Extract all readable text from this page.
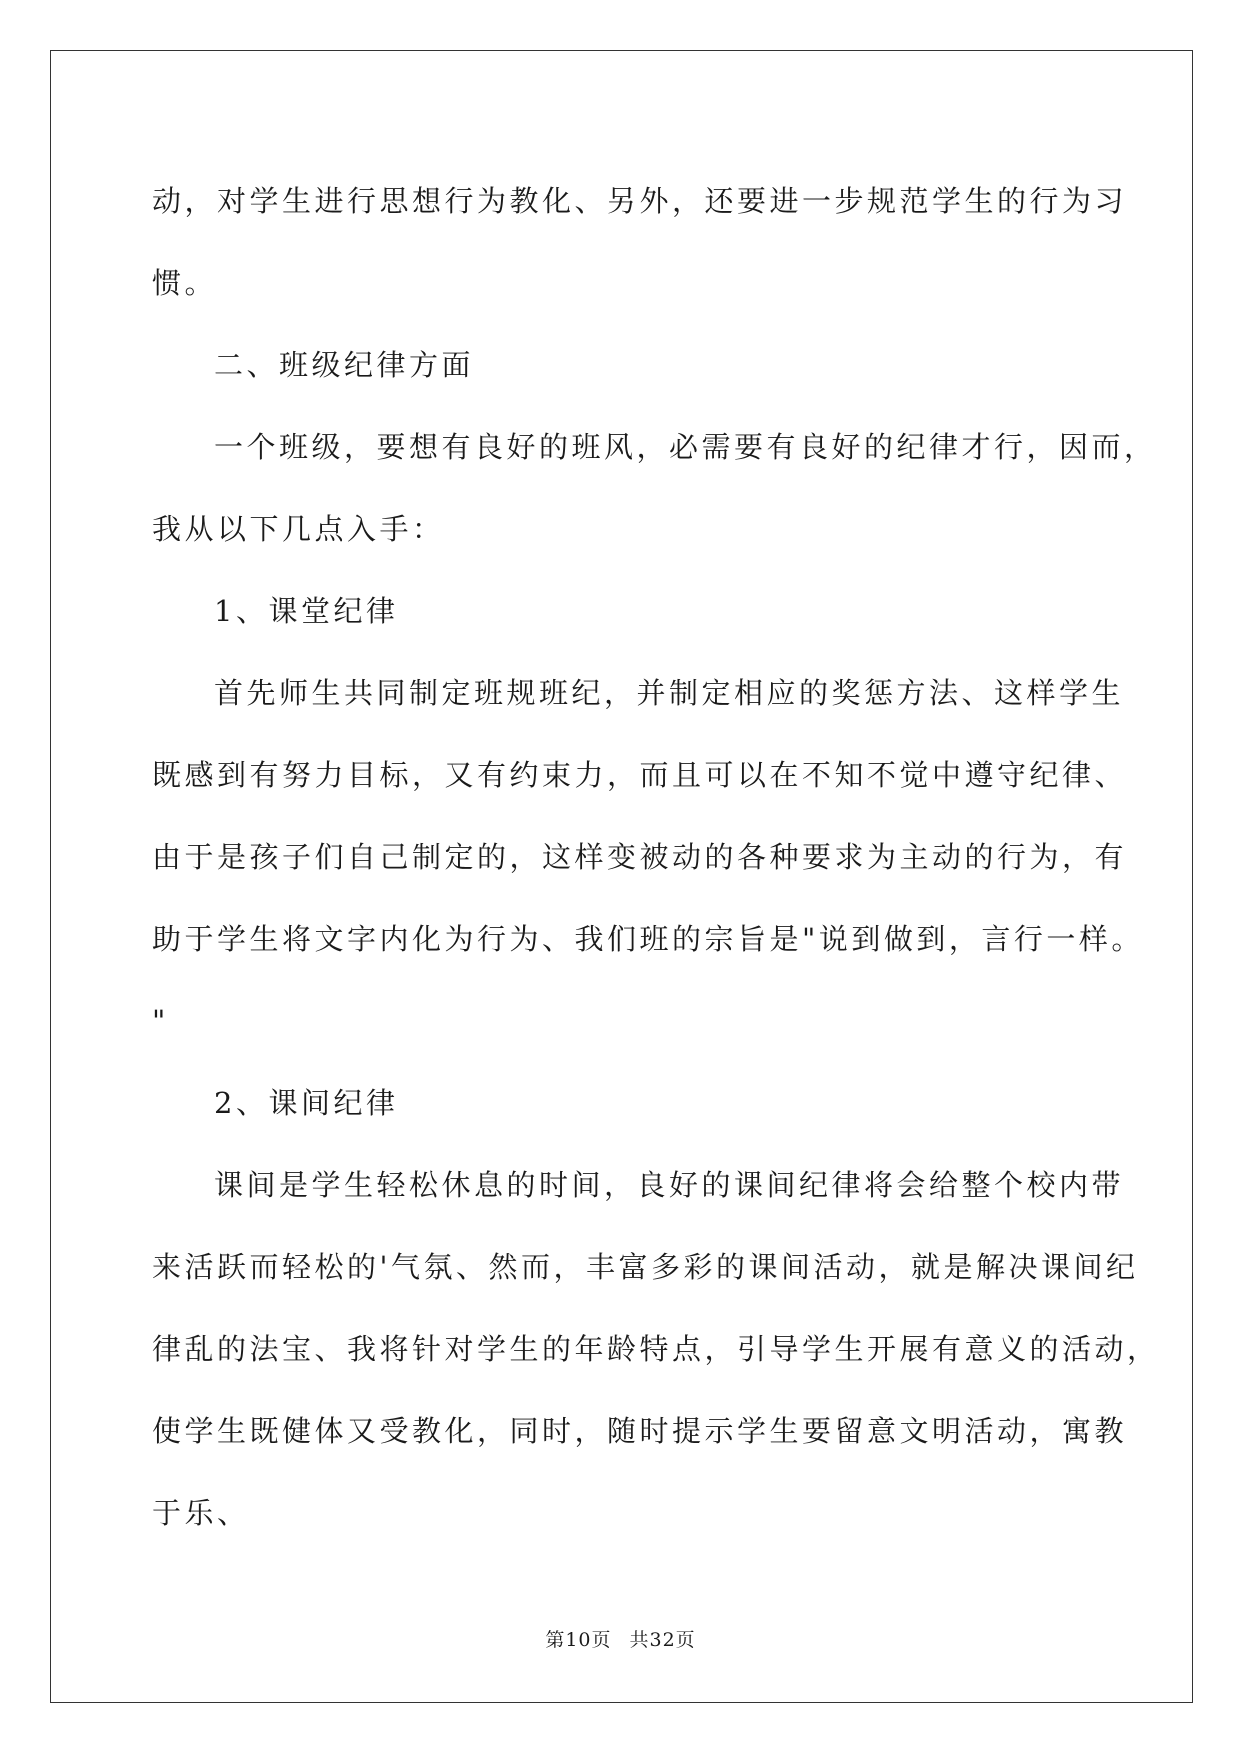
动，对学生进行思想行为教化、另外，还要进一步规范学生的行为习
惯。
二、班级纪律方面
一个班级，要想有良好的班风，必需要有良好的纪律才行，因而，
我从以下几点入手：
1、课堂纪律
首先师生共同制定班规班纪，并制定相应的奖惩方法、这样学生
既感到有努力目标，又有约束力，而且可以在不知不觉中遵守纪律、
由于是孩子们自己制定的，这样变被动的各种要求为主动的行为，有
助于学生将文字内化为行为、我们班的宗旨是"说到做到，言行一样。
"
2、课间纪律
课间是学生轻松休息的时间，良好的课间纪律将会给整个校内带
来活跃而轻松的'气氛、然而，丰富多彩的课间活动，就是解决课间纪
律乱的法宝、我将针对学生的年龄特点，引导学生开展有意义的活动，
使学生既健体又受教化，同时，随时提示学生要留意文明活动，寓教
于乐、
第10页 共32页
